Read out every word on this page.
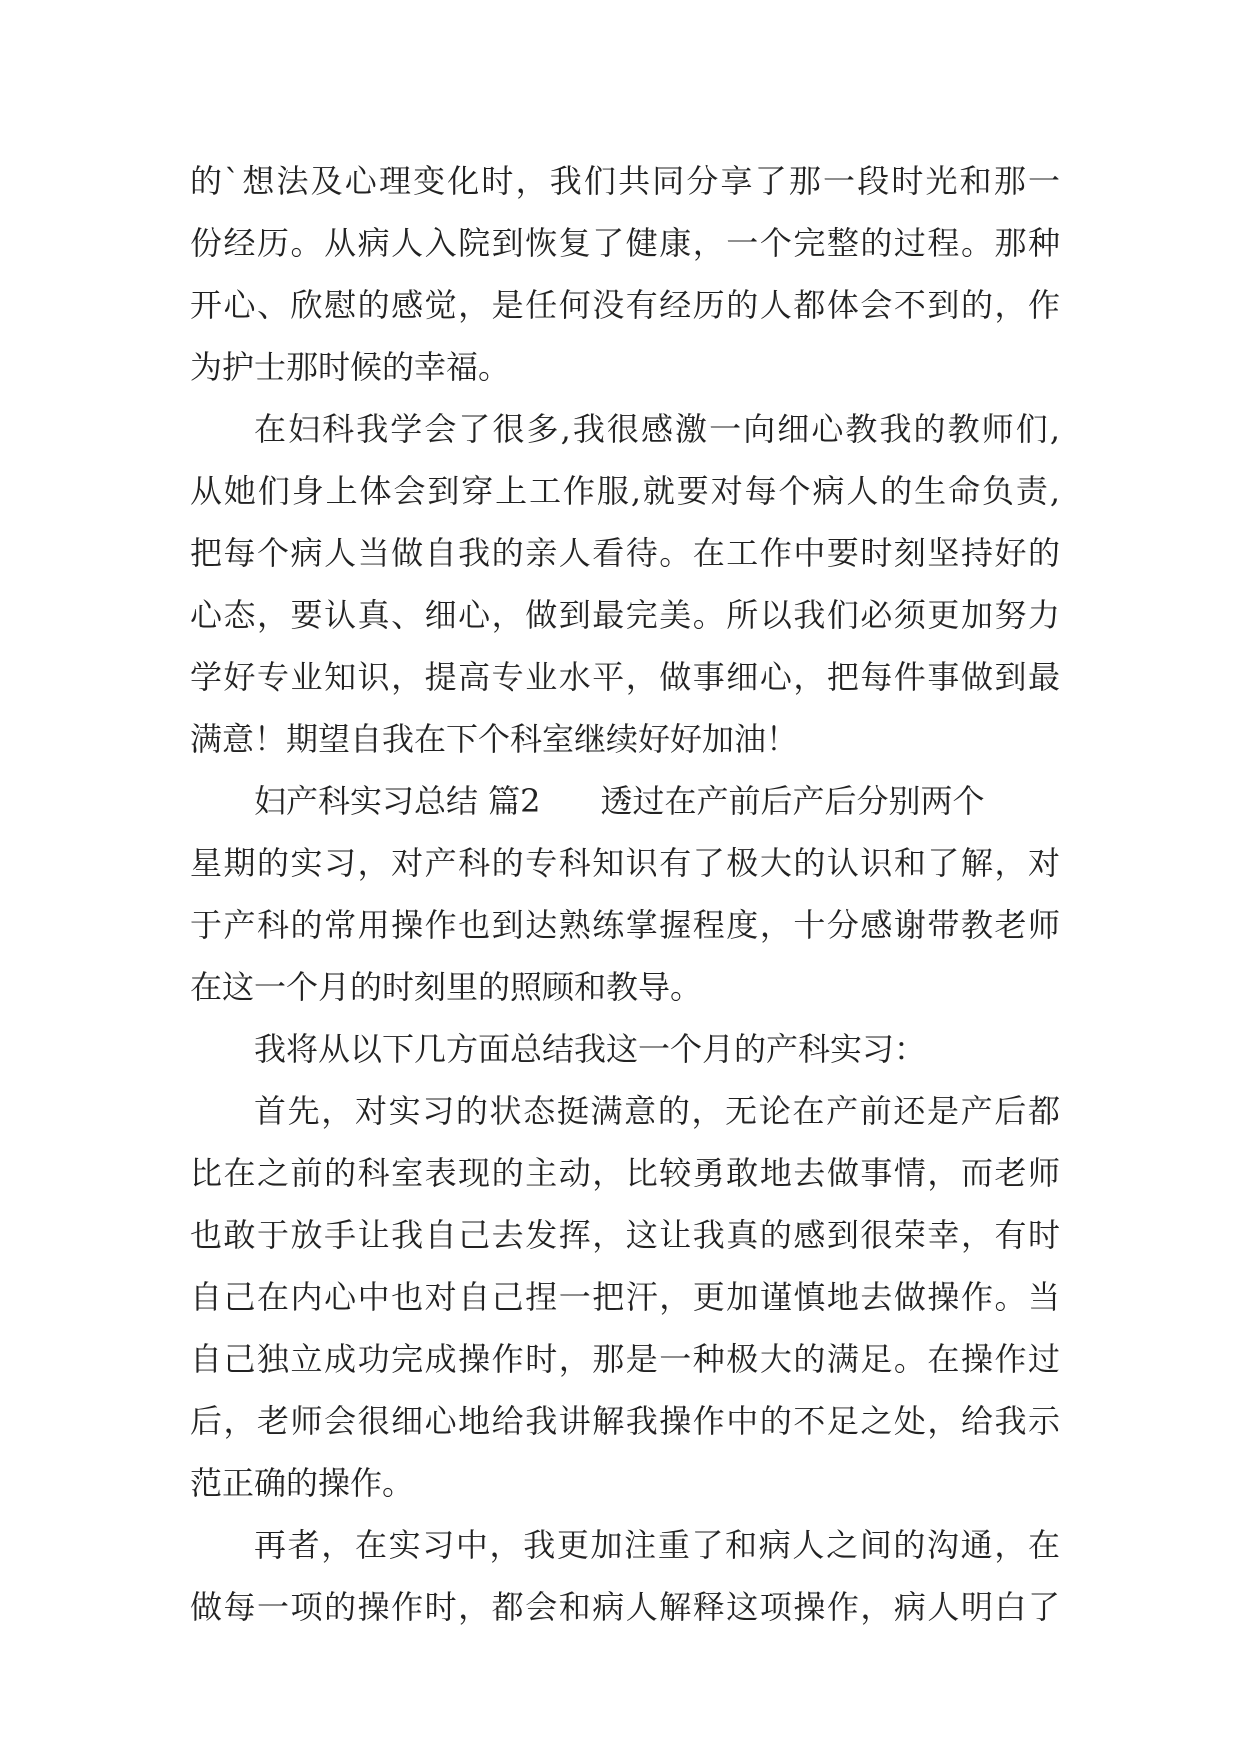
的`想法及心理变化时，我们共同分享了那一段时光和那一
份经历。从病人入院到恢复了健康，一个完整的过程。那种
开心、欣慰的感觉，是任何没有经历的人都体会不到的，作
为护士那时候的幸福。
在妇科我学会了很多,我很感激一向细心教我的教师们,
从她们身上体会到穿上工作服,就要对每个病人的生命负责,
把每个病人当做自我的亲人看待。在工作中要时刻坚持好的
心态，要认真、细心，做到最完美。所以我们必须更加努力
学好专业知识，提高专业水平，做事细心，把每件事做到最
满意！期望自我在下个科室继续好好加油！
妇产科实习总结 篇2 透过在产前后产后分别两个
星期的实习，对产科的专科知识有了极大的认识和了解，对
于产科的常用操作也到达熟练掌握程度，十分感谢带教老师
在这一个月的时刻里的照顾和教导。
我将从以下几方面总结我这一个月的产科实习：
首先，对实习的状态挺满意的，无论在产前还是产后都
比在之前的科室表现的主动，比较勇敢地去做事情，而老师
也敢于放手让我自己去发挥，这让我真的感到很荣幸，有时
自己在内心中也对自己捏一把汗，更加谨慎地去做操作。当
自己独立成功完成操作时，那是一种极大的满足。在操作过
后，老师会很细心地给我讲解我操作中的不足之处，给我示
范正确的操作。
再者，在实习中，我更加注重了和病人之间的沟通，在
做每一项的操作时，都会和病人解释这项操作，病人明白了
